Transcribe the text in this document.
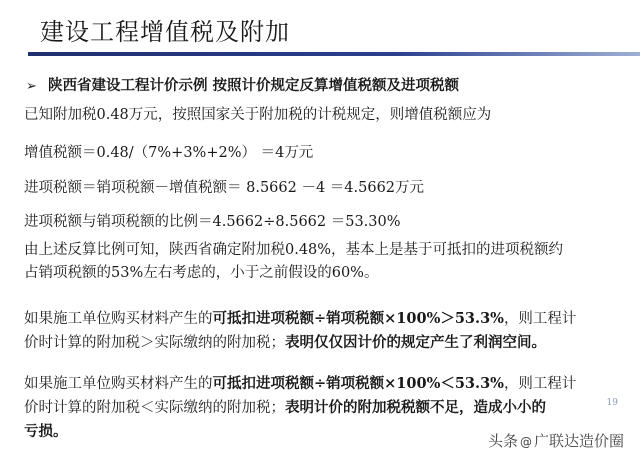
建设工程增值税及附加
➢ 陕西省建设工程计价示例 按照计价规定反算增值税额及进项税额
已知附加税0.48万元，按照国家关于附加税的计税规定，则增值税额应为
增值税额＝0.48/（7%+3%+2%） ＝4万元
进项税额＝销项税额－增值税额＝ 8.5662 －4 ＝4.5662万元
进项税额与销项税额的比例＝4.5662÷8.5662 ＝53.30%
由上述反算比例可知，陕西省确定附加税0.48%，基本上是基于可抵扣的进项税额约
占销项税额的53%左右考虑的，小于之前假设的60%。
如果施工单位购买材料产生的可抵扣进项税额÷销项税额×100%＞53.3%，则工程计
价时计算的附加税＞实际缴纳的附加税；表明仅仅因计价的规定产生了利润空间。
如果施工单位购买材料产生的可抵扣进项税额÷销项税额×100%＜53.3%，则工程计
价时计算的附加税＜实际缴纳的附加税；表明计价的附加税税额不足，造成小小的
亏损。
19
头条 @ 广联达造价圈
